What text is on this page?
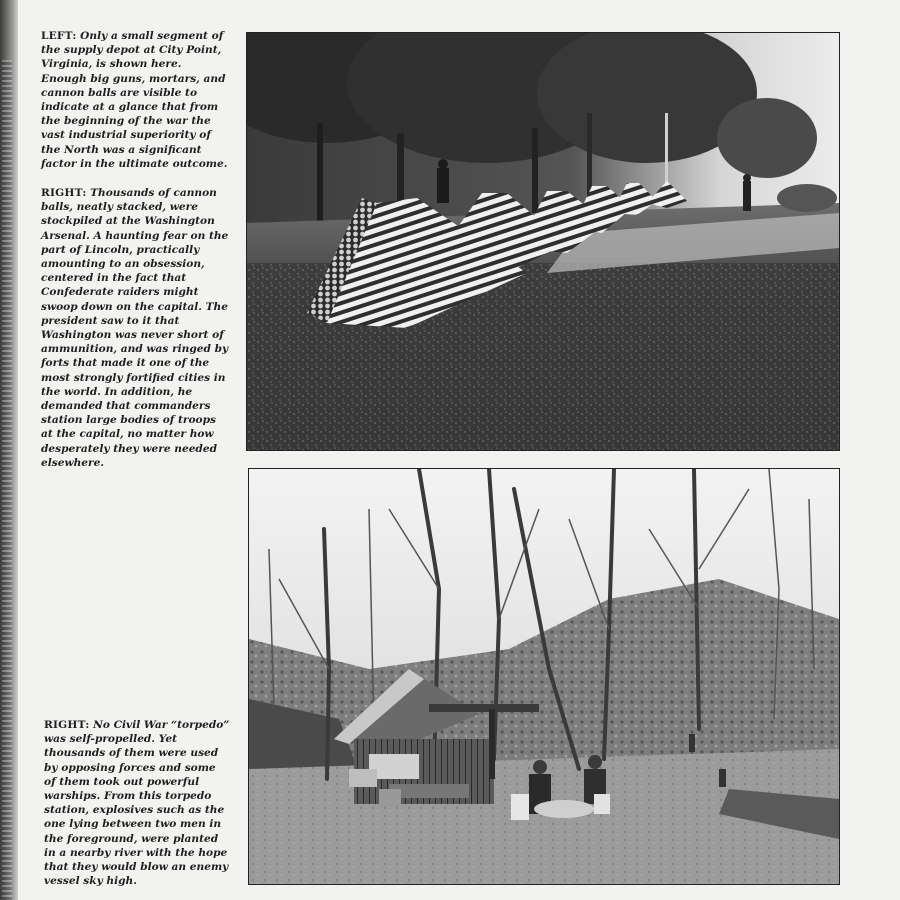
LEFT: Only a small segment of the supply depot at City Point, Virginia, is shown here. Enough big guns, mortars, and cannon balls are visible to indicate at a glance that from the beginning of the war the vast industrial superiority of the North was a significant factor in the ultimate outcome.

RIGHT: Thousands of cannon balls, neatly stacked, were stockpiled at the Washington Arsenal. A haunting fear on the part of Lincoln, practically amounting to an obsession, centered in the fact that Confederate raiders might swoop down on the capital. The president saw to it that Washington was never short of ammunition, and was ringed by forts that made it one of the most strongly fortified cities in the world. In addition, he demanded that commanders station large bodies of troops at the capital, no matter how desperately they were needed elsewhere.

RIGHT: No Civil War “torpedo” was self-propelled. Yet thousands of them were used by opposing forces and some of them took out powerful warships. From this torpedo station, explosives such as the one lying between two men in the foreground, were planted in a nearby river with the hope that they would blow an enemy vessel sky high.
